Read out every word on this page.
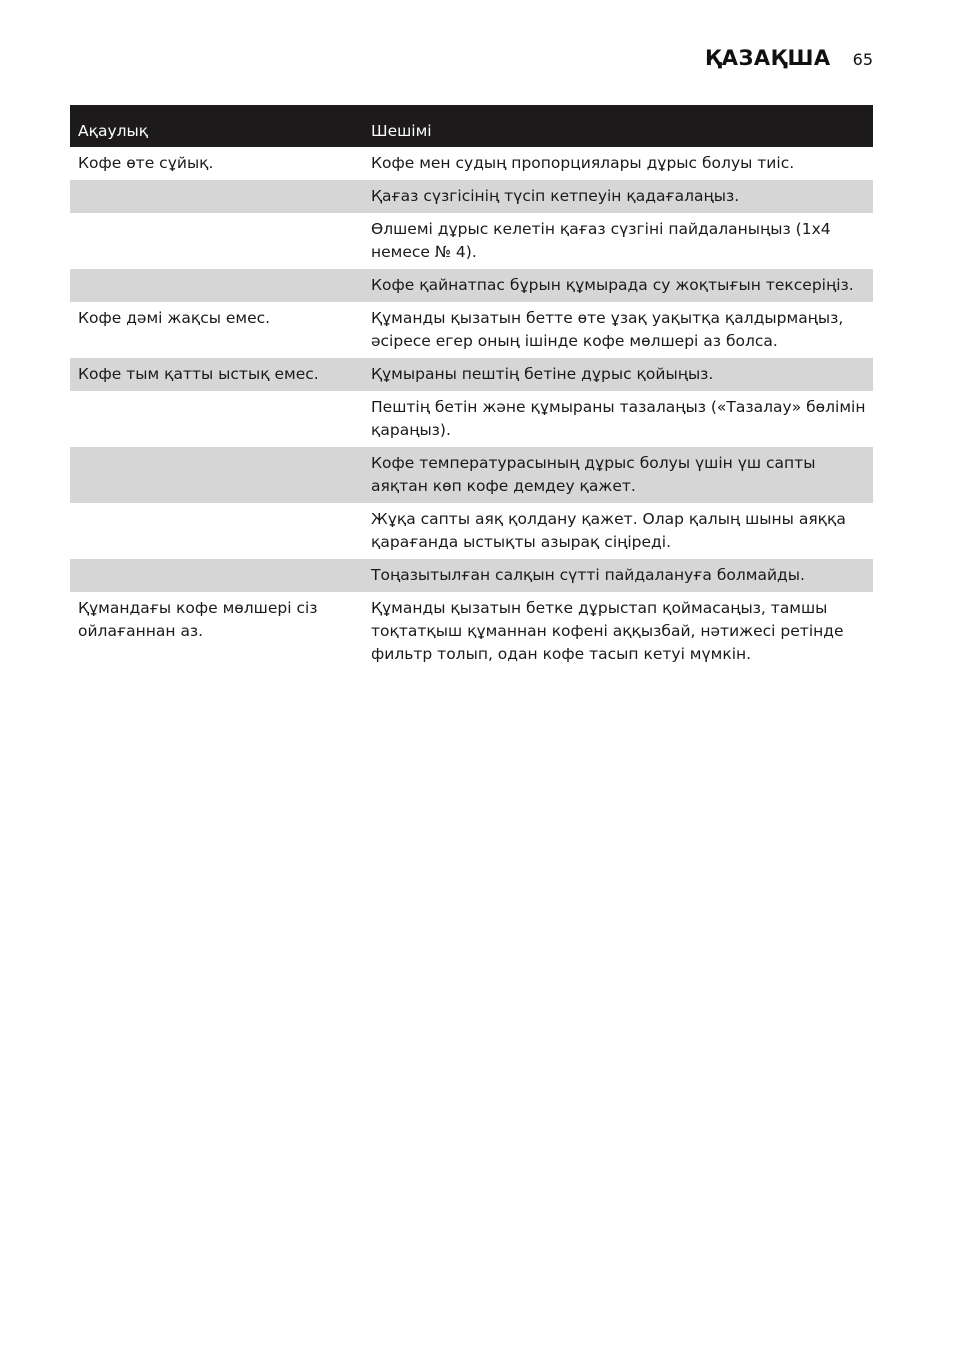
ҚАЗАҚША 65
Ақаулық	Шешімі
Кофе өте сұйық.	Кофе мен судың пропорциялары дұрыс болуы тиіс.
	Қағаз сүзгісінің түсіп кетпеуін қадағалаңыз.
	Өлшемі дұрыс келетін қағаз сүзгіні пайдаланыңыз (1x4 немесе № 4).
	Кофе қайнатпас бұрын құмырада су жоқтығын тексеріңіз.
Кофе дәмі жақсы емес.	Құманды қызатын бетте өте ұзақ уақытқа қалдырмаңыз, әсіресе егер оның ішінде кофе мөлшері аз болса.
Кофе тым қатты ыстық емес.	Құмыраны пештің бетіне дұрыс қойыңыз.
	Пештің бетін және құмыраны тазалаңыз («Тазалау» бөлімін қараңыз).
	Кофе температурасының дұрыс болуы үшін үш сапты аяқтан көп кофе демдеу қажет.
	Жұқа сапты аяқ қолдану қажет. Олар қалың шыны аяққа қарағанда ыстықты азырақ сіңіреді.
	Тоңазытылған салқын сүтті пайдалануға болмайды.
Құмандағы кофе мөлшері сіз ойлағаннан аз.	Құманды қызатын бетке дұрыстап қоймасаңыз, тамшы тоқтатқыш құманнан кофені аққызбай, нәтижесі ретінде фильтр толып, одан кофе тасып кетуі мүмкін.
